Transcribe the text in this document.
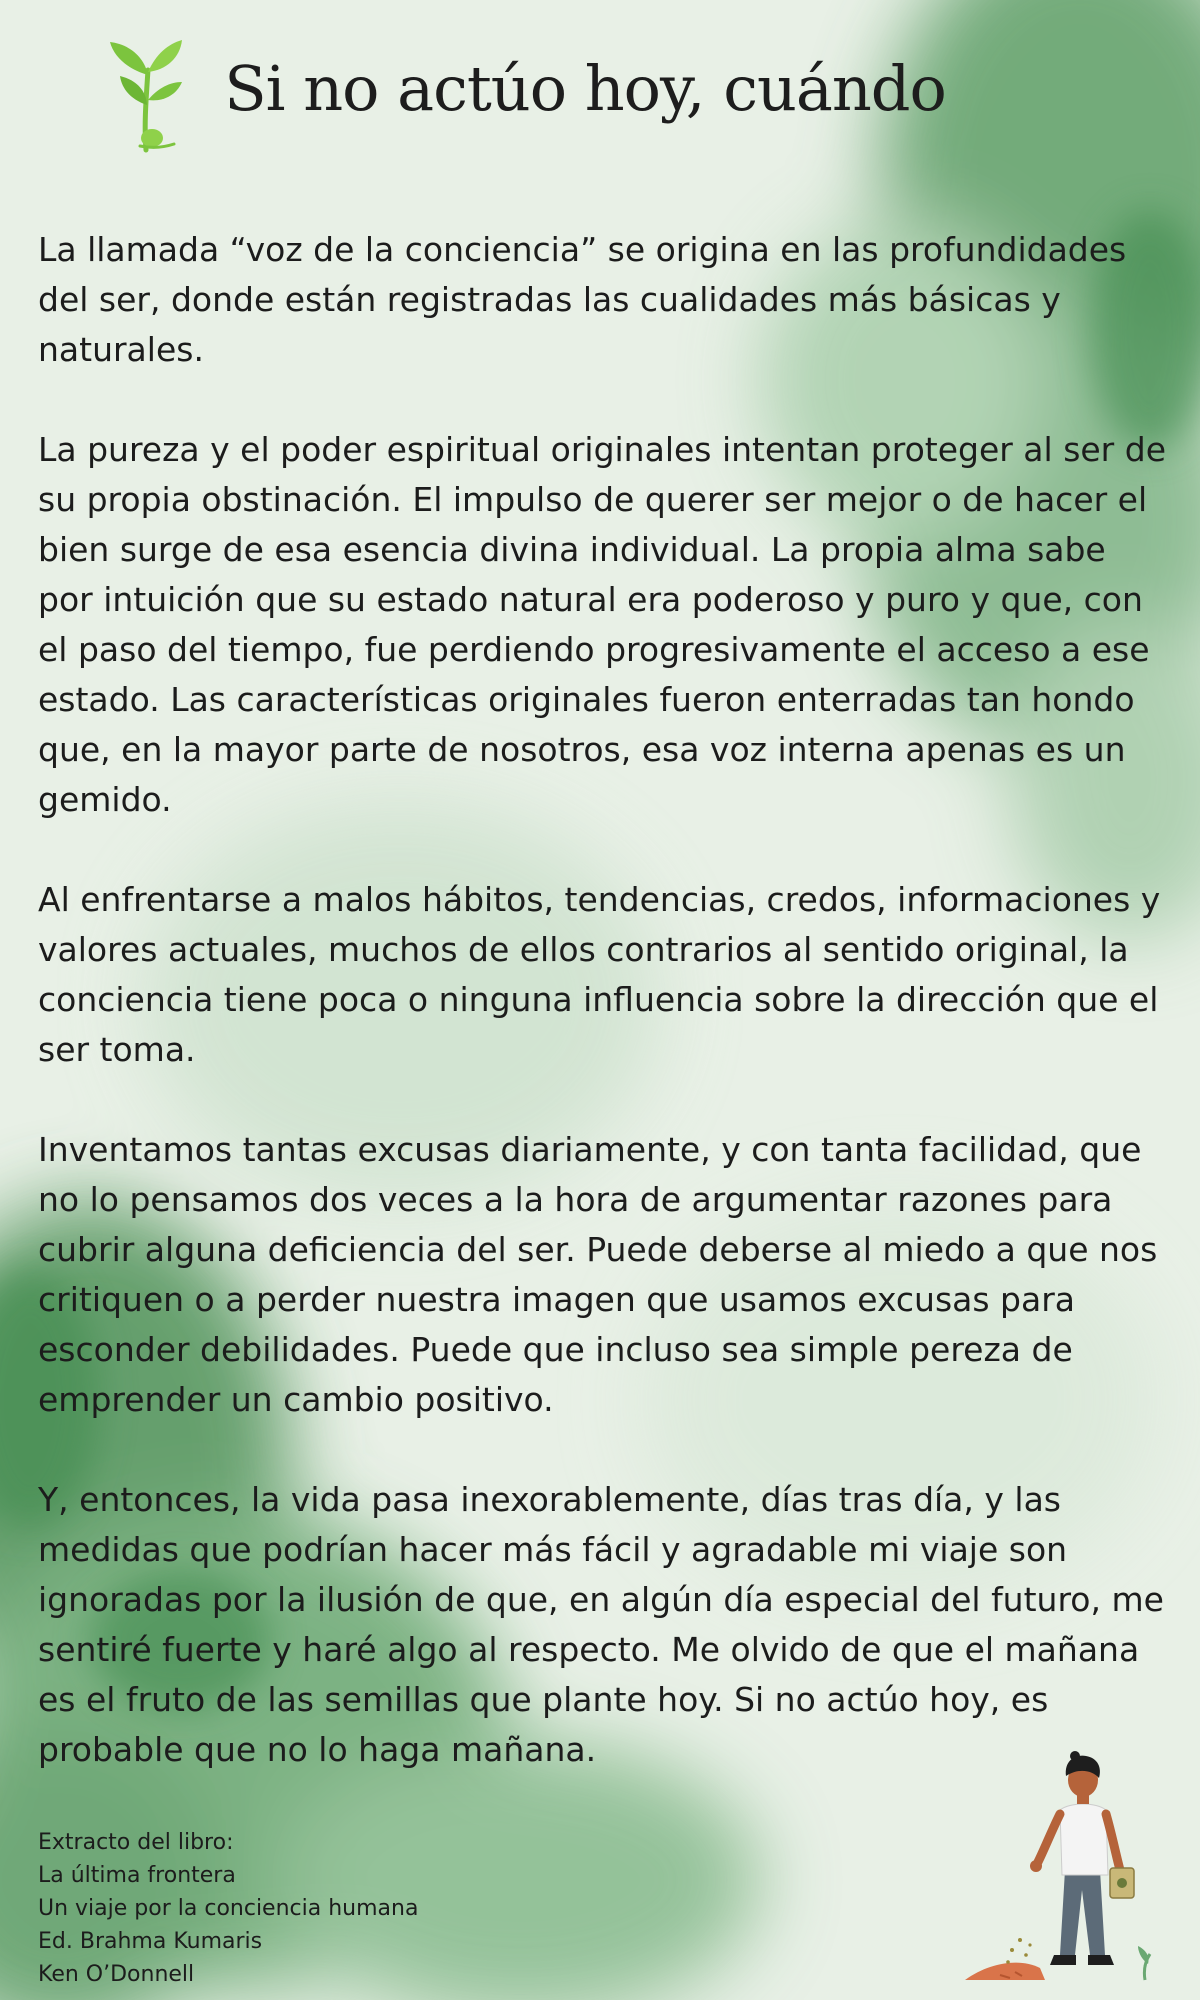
Si no actúo hoy, cuándo

La llamada “voz de la conciencia” se origina en las profundidades del ser, donde están registradas las cualidades más básicas y naturales.

La pureza y el poder espiritual originales intentan proteger al ser de su propia obstinación. El impulso de querer ser mejor o de hacer el bien surge de esa esencia divina individual. La propia alma sabe por intuición que su estado natural era poderoso y puro y que, con el paso del tiempo, fue perdiendo progresivamente el acceso a ese estado. Las características originales fueron enterradas tan hondo que, en la mayor parte de nosotros, esa voz interna apenas es un gemido.

Al enfrentarse a malos hábitos, tendencias, credos, informaciones y valores actuales, muchos de ellos contrarios al sentido original, la conciencia tiene poca o ninguna influencia sobre la dirección que el ser toma.

Inventamos tantas excusas diariamente, y con tanta facilidad, que no lo pensamos dos veces a la hora de argumentar razones para cubrir alguna deficiencia del ser. Puede deberse al miedo a que nos critiquen o a perder nuestra imagen que usamos excusas para esconder debilidades. Puede que incluso sea simple pereza de emprender un cambio positivo.

Y, entonces, la vida pasa inexorablemente, días tras día, y las medidas que podrían hacer más fácil y agradable mi viaje son ignoradas por la ilusión de que, en algún día especial del futuro, me sentiré fuerte y haré algo al respecto. Me olvido de que el mañana es el fruto de las semillas que plante hoy. Si no actúo hoy, es probable que no lo haga mañana.

Extracto del libro:
La última frontera
Un viaje por la conciencia humana
Ed. Brahma Kumaris
Ken O’Donnell
